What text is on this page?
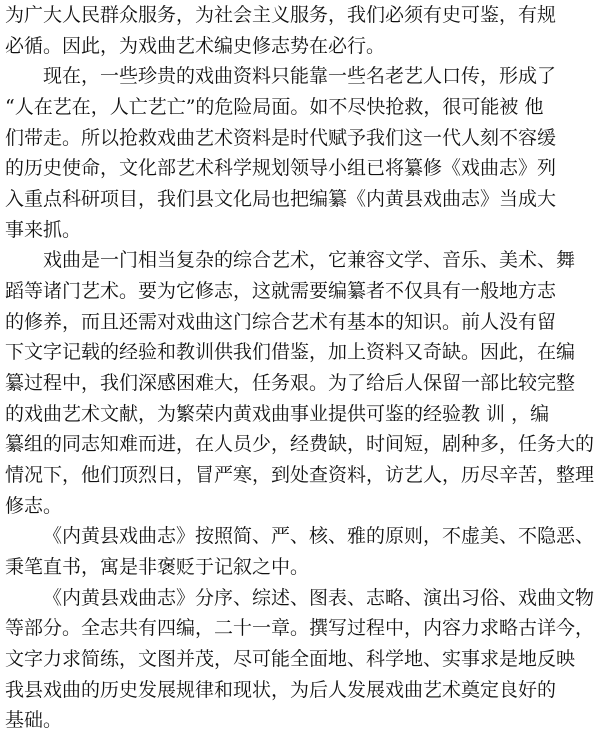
为广大人民群众服务，为社会主义服务，我们必须有史可鉴，有规
必循。因此，为戏曲艺术编史修志势在必行。
现在，一些珍贵的戏曲资料只能靠一些名老艺人口传，形成了
“人在艺在，人亡艺亡”的危险局面。如不尽快抢救，很可能被 他
们带走。所以抢救戏曲艺术资料是时代赋予我们这一代人刻不容缓
的历史使命，文化部艺术科学规划领导小组已将纂修《戏曲志》列
入重点科研项目，我们县文化局也把编纂《内黄县戏曲志》当成大
事来抓。
戏曲是一门相当复杂的综合艺术，它兼容文学、音乐、美术、舞
蹈等诸门艺术。要为它修志，这就需要编纂者不仅具有一般地方志
的修养，而且还需对戏曲这门综合艺术有基本的知识。前人没有留
下文字记载的经验和教训供我们借鉴，加上资料又奇缺。因此，在编
纂过程中，我们深感困难大，任务艰。为了给后人保留一部比较完整
的戏曲艺术文献，为繁荣内黄戏曲事业提供可鉴的经验教 训 ，编
纂组的同志知难而进，在人员少，经费缺，时间短，剧种多，任务大的
情况下，他们顶烈日，冒严寒，到处查资料，访艺人，历尽辛苦，整理
修志。
《内黄县戏曲志》按照简、严、核、雅的原则，不虚美、不隐恶、
秉笔直书，寓是非褒贬于记叙之中。
《内黄县戏曲志》分序、综述、图表、志略、演出习俗、戏曲文物
等部分。全志共有四编，二十一章。撰写过程中，内容力求略古详今，
文字力求简练，文图并茂，尽可能全面地、科学地、实事求是地反映
我县戏曲的历史发展规律和现状，为后人发展戏曲艺术奠定良好的
基础。
